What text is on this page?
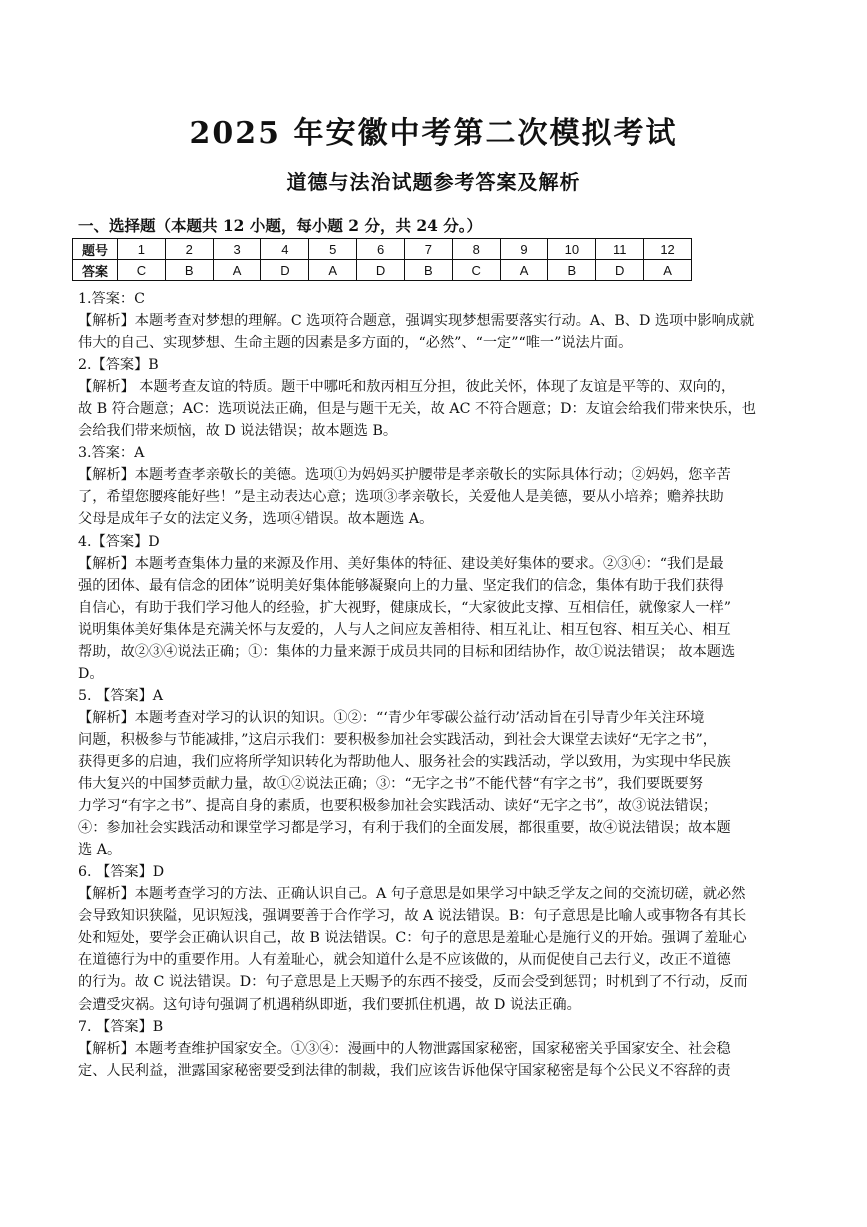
2025 年安徽中考第二次模拟考试
道德与法治试题参考答案及解析
一、选择题（本题共 12 小题，每小题 2 分，共 24 分。）
题号	1	2	3	4	5	6	7	8	9	10	11	12
答案	C	B	A	D	A	D	B	C	A	B	D	A

1.答案：C

【解析】本题考查对梦想的理解。C 选项符合题意，强调实现梦想需要落实行动。A、B、D 选项中影响成就

伟大的自己、实现梦想、生命主题的因素是多方面的，“必然”、“一定”“唯一”说法片面。

2.【答案】B

【解析】 本题考查友谊的特质。题干中哪吒和敖丙相互分担，彼此关怀，体现了友谊是平等的、双向的，

故 B 符合题意；AC：选项说法正确，但是与题干无关，故 AC 不符合题意；D：友谊会给我们带来快乐，也

会给我们带来烦恼，故 D 说法错误；故本题选 B。

3.答案：A

【解析】本题考查孝亲敬长的美德。选项①为妈妈买护腰带是孝亲敬长的实际具体行动；②妈妈，您辛苦

了，希望您腰疼能好些！”是主动表达心意；选项③孝亲敬长，关爱他人是美德，要从小培养；赡养扶助

父母是成年子女的法定义务，选项④错误。故本题选 A。

4.【答案】D

【解析】本题考查集体力量的来源及作用、美好集体的特征、建设美好集体的要求。②③④：“我们是最

强的团体、最有信念的团体”说明美好集体能够凝聚向上的力量、坚定我们的信念，集体有助于我们获得

自信心，有助于我们学习他人的经验，扩大视野，健康成长，“大家彼此支撑、互相信任，就像家人一样”

说明集体美好集体是充满关怀与友爱的，人与人之间应友善相待、相互礼让、相互包容、相互关心、相互

帮助，故②③④说法正确；①：集体的力量来源于成员共同的目标和团结协作，故①说法错误； 故本题选

D。

5. 【答案】A

【解析】本题考查对学习的认识的知识。①②：“‘青少年零碳公益行动’活动旨在引导青少年关注环境

问题，积极参与节能减排，”这启示我们：要积极参加社会实践活动，到社会大课堂去读好“无字之书”，

获得更多的启迪，我们应将所学知识转化为帮助他人、服务社会的实践活动，学以致用，为实现中华民族

伟大复兴的中国梦贡献力量，故①②说法正确；③：“无字之书”不能代替“有字之书”，我们要既要努

力学习“有字之书”、提高自身的素质，也要积极参加社会实践活动、读好“无字之书”，故③说法错误；

④：参加社会实践活动和课堂学习都是学习，有利于我们的全面发展，都很重要，故④说法错误；故本题

选 A。

6. 【答案】D

【解析】本题考查学习的方法、正确认识自己。A 句子意思是如果学习中缺乏学友之间的交流切磋，就必然

会导致知识狭隘，见识短浅，强调要善于合作学习，故 A 说法错误。B：句子意思是比喻人或事物各有其长

处和短处，要学会正确认识自己，故 B 说法错误。C：句子的意思是羞耻心是施行义的开始。强调了羞耻心

在道德行为中的重要作用。人有羞耻心，就会知道什么是不应该做的，从而促使自己去行义，改正不道德

的行为。故 C 说法错误。D：句子意思是上天赐予的东西不接受，反而会受到惩罚；时机到了不行动，反而

会遭受灾祸。这句诗句强调了机遇稍纵即逝，我们要抓住机遇，故 D 说法正确。

7. 【答案】B

【解析】本题考查维护国家安全。①③④：漫画中的人物泄露国家秘密，国家秘密关乎国家安全、社会稳

定、人民利益，泄露国家秘密要受到法律的制裁，我们应该告诉他保守国家秘密是每个公民义不容辞的责
